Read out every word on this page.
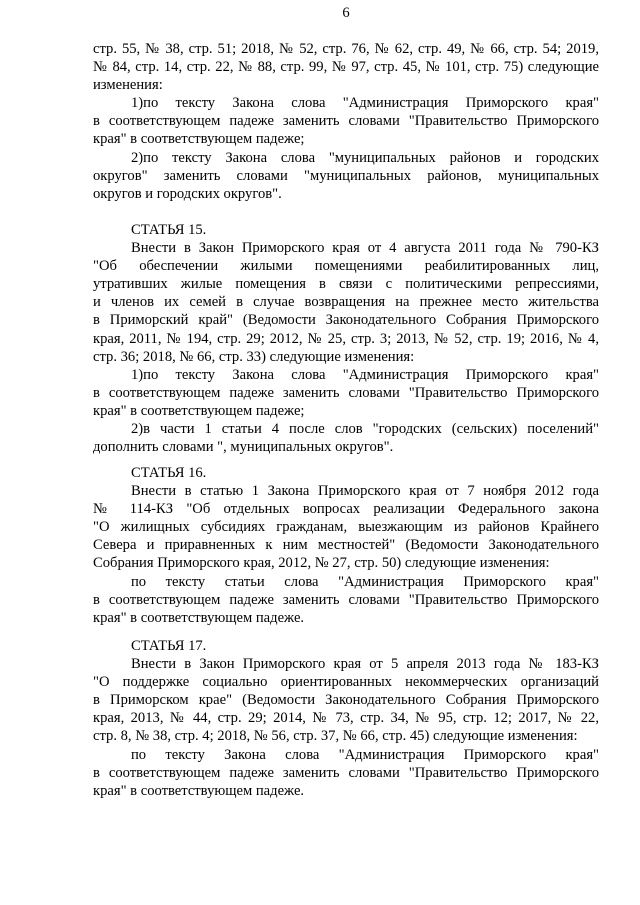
6
стр. 55, № 38, стр. 51; 2018, № 52, стр. 76, № 62, стр. 49, № 66, стр. 54; 2019,
№ 84, стр. 14, стр. 22, № 88, стр. 99, № 97, стр. 45, № 101, стр. 75) следующие
изменения:
1)по тексту Закона слова "Администрация Приморского края"
в соответствующем падеже заменить словами "Правительство Приморского
края" в соответствующем падеже;
2)по тексту Закона слова "муниципальных районов и городских
округов" заменить словами "муниципальных районов, муниципальных
округов и городских округов".
СТАТЬЯ 15.
Внести в Закон Приморского края от 4 августа 2011 года № 790-КЗ
"Об обеспечении жилыми помещениями реабилитированных лиц,
утративших жилые помещения в связи с политическими репрессиями,
и членов их семей в случае возвращения на прежнее место жительства
в Приморский край" (Ведомости Законодательного Собрания Приморского
края, 2011, № 194, стр. 29; 2012, № 25, стр. 3; 2013, № 52, стр. 19; 2016, № 4,
стр. 36; 2018, № 66, стр. 33) следующие изменения:
1)по тексту Закона слова "Администрация Приморского края"
в соответствующем падеже заменить словами "Правительство Приморского
края" в соответствующем падеже;
2)в части 1 статьи 4 после слов "городских (сельских) поселений"
дополнить словами ", муниципальных округов".
СТАТЬЯ 16.
Внести в статью 1 Закона Приморского края от 7 ноября 2012 года
№ 114-КЗ "Об отдельных вопросах реализации Федерального закона
"О жилищных субсидиях гражданам, выезжающим из районов Крайнего
Севера и приравненных к ним местностей" (Ведомости Законодательного
Собрания Приморского края, 2012, № 27, стр. 50) следующие изменения:
по тексту статьи слова "Администрация Приморского края"
в соответствующем падеже заменить словами "Правительство Приморского
края" в соответствующем падеже.
СТАТЬЯ 17.
Внести в Закон Приморского края от 5 апреля 2013 года № 183-КЗ
"О поддержке социально ориентированных некоммерческих организаций
в Приморском крае" (Ведомости Законодательного Собрания Приморского
края, 2013, № 44, стр. 29; 2014, № 73, стр. 34, № 95, стр. 12; 2017, № 22,
стр. 8, № 38, стр. 4; 2018, № 56, стр. 37, № 66, стр. 45) следующие изменения:
по тексту Закона слова "Администрация Приморского края"
в соответствующем падеже заменить словами "Правительство Приморского
края" в соответствующем падеже.
